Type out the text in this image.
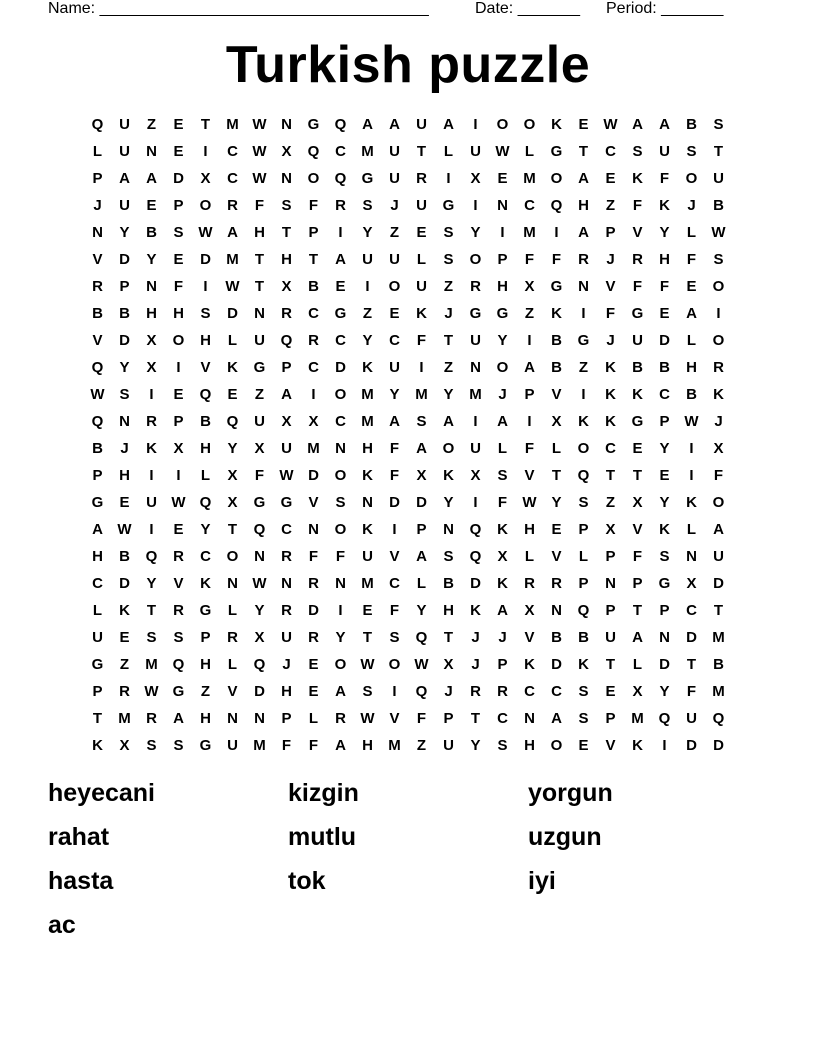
Name: _____________________________________	Date: _______ Period: _______
Turkish puzzle
Q	U	Z	E	T	M W N	G	Q	A	A	U	A	I	O	O	K	E W A	A	B	S
L	U	N	E	I	C W X	Q	C	M	U	T	L	U W	L	G	T	C	S	U	S	T
P	A	A	D	X	C W N	O	Q	G	U	R	I	X	E	M O	A	E	K	F	O	U
J	U	E	P	O	R	F	S	F	R	S	J	U	G	I	N	C	Q	H	Z	F	K	J	B
N	Y	B	S W A	H	T	P	I	Y	Z	E	S	Y	I	M	I	A	P	V	Y	L	W
V	D	Y	E	D	M	T	H	T	A	U	U	L	S	O	P	F	F	R	J	R	H	F	S
R	P	N	F	I	W	T	X	B	E	I	O	U	Z	R	H	X	G	N	V	F	F	E	O
B	B	H	H	S	D	N	R	C	G	Z	E	K	J	G	G	Z	K	I	F	G	E	A	I
V	D	X	O	H	L	U	Q	R	C	Y	C	F	T	U	Y	I	B	G	J	U	D	L	O
Q	Y	X	I	V	K	G	P	C	D	K	U	I	Z	N	O	A	B	Z	K	B	B	H	R
W S	I	E	Q	E	Z	A	I	O M	Y	M	Y	M	J	P	V	I	K	K	C	B	K
Q	N	R	P	B	Q	U	X	X	C	M	A	S	A	I	A	I	X	K	K	G	P W	J
B	J	K	X	H	Y	X	U	M	N	H	F	A	O	U	L	F	L	O	C	E	Y	I	X
P	H	I	I	L	X	F	W D	O	K	F	X	K	X	S	V	T	Q	T	T	E	I	F
G	E	U W Q	X	G	G	V	S	N	D	D	Y	I	F	W Y	S	Z	X	Y	K	O
A W	I	E	Y	T	Q	C	N	O	K	I	P	N	Q	K	H	E	P	X	V	K	L	A
H	B	Q	R	C	O	N	R	F	F	U	V	A	S	Q	X	L	V	L	P	F	S	N	U
C	D	Y	V	K	N W N	R	N	M	C	L	B	D	K	R	R	P	N	P	G	X	D
L	K	T	R	G	L	Y	R	D	I	E	F	Y	H	K	A	X	N	Q	P	T	P	C	T
U	E	S	S	P	R	X	U	R	Y	T	S	Q	T	J	J	V	B	B	U	A	N	D	M
G	Z	M Q	H	L	Q	J	E	O W O W X	J	P	K	D	K	T	L	D	T	B
P	R W G	Z	V	D	H	E	A	S	I	Q	J	R	R	C	C	S	E	X	Y	F	M
T	M	R	A	H	N	N	P	L	R W V	F	P	T	C	N	A	S	P	M Q	U	Q
K	X	S	S	G	U	M	F	F	A	H	M	Z	U	Y	S	H	O	E	V	K	I	D	D
heyecani	kizgin	yorgun
rahat	mutlu	uzgun
hasta	tok	iyi
ac
